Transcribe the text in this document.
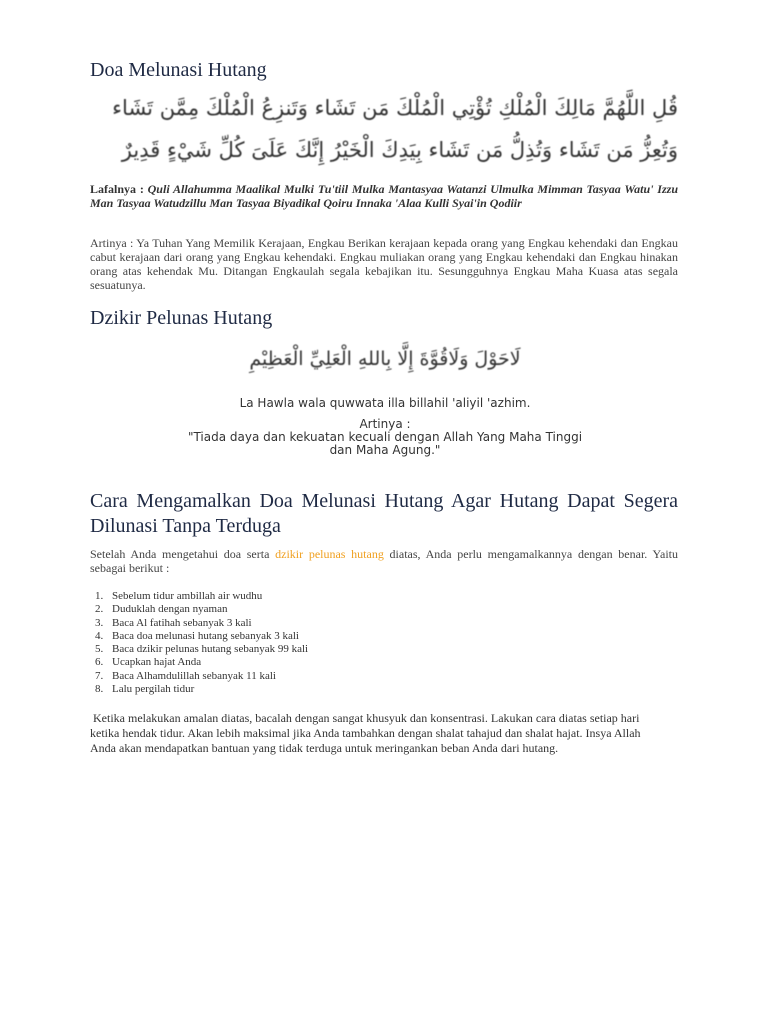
Doa Melunasi Hutang
قُلِ اللَّهُمَّ مَالِكَ الْمُلْكِ تُؤْتِي الْمُلْكَ مَن تَشَاء وَتَنزِعُ الْمُلْكَ مِمَّن تَشَاء
وَتُعِزُّ مَن تَشَاء وَتُذِلُّ مَن تَشَاء بِيَدِكَ الْخَيْرُ إِنَّكَ عَلَىَ كُلِّ شَيْءٍ قَدِيرٌ
Lafalnya : Quli Allahumma Maalikal Mulki Tu'tiil Mulka Mantasyaa Watanzi Ulmulka Mimman Tasyaa Watu' Izzu Man Tasyaa Watudzillu Man Tasyaa Biyadikal Qoiru Innaka 'Alaa Kulli Syai'in Qodiir
Artinya : Ya Tuhan Yang Memilik Kerajaan, Engkau Berikan kerajaan kepada orang yang Engkau kehendaki dan Engkau cabut kerajaan dari orang yang Engkau kehendaki. Engkau muliakan orang yang Engkau kehendaki dan Engkau hinakan orang atas kehendak Mu. Ditangan Engkaulah segala kebajikan itu. Sesungguhnya Engkau Maha Kuasa atas segala sesuatunya.
Dzikir Pelunas Hutang
لَاحَوْلَ وَلَاقُوَّةَ إِلَّا بِاللهِ الْعَلِيِّ الْعَظِيْمِ
La Hawla wala quwwata illa billahil 'aliyil 'azhim.
Artinya :
"Tiada daya dan kekuatan kecuali dengan Allah Yang Maha Tinggi
dan Maha Agung."
Cara Mengamalkan Doa Melunasi Hutang Agar Hutang Dapat Segera Dilunasi Tanpa Terduga
Setelah Anda mengetahui doa serta dzikir pelunas hutang diatas, Anda perlu mengamalkannya dengan benar. Yaitu sebagai berikut :
1. Sebelum tidur ambillah air wudhu
2. Duduklah dengan nyaman
3. Baca Al fatihah sebanyak 3 kali
4. Baca doa melunasi hutang sebanyak 3 kali
5. Baca dzikir pelunas hutang sebanyak 99 kali
6. Ucapkan hajat Anda
7. Baca Alhamdulillah sebanyak 11 kali
8. Lalu pergilah tidur
Ketika melakukan amalan diatas, bacalah dengan sangat khusyuk dan konsentrasi. Lakukan cara diatas setiap hari ketika hendak tidur. Akan lebih maksimal jika Anda tambahkan dengan shalat tahajud dan shalat hajat. Insya Allah Anda akan mendapatkan bantuan yang tidak terduga untuk meringankan beban Anda dari hutang.
